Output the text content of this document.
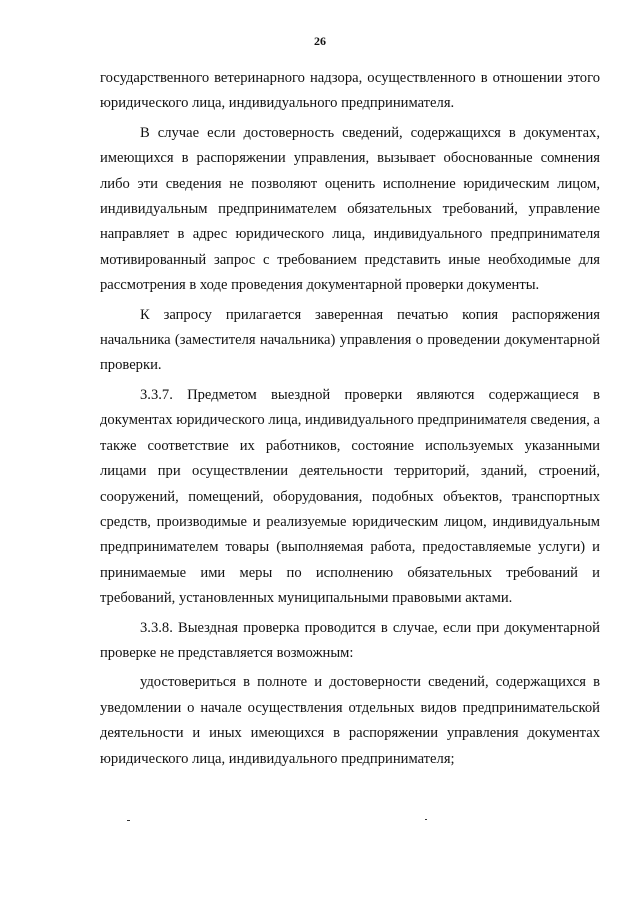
26

государственного ветеринарного надзора, осуществленного в отношении этого юридического лица, индивидуального предпринимателя.

В случае если достоверность сведений, содержащихся в документах, имеющихся в распоряжении управления, вызывает обоснованные сомнения либо эти сведения не позволяют оценить исполнение юридическим лицом, индивидуальным предпринимателем обязательных требований, управление направляет в адрес юридического лица, индивидуального предпринимателя мотивированный запрос с требованием представить иные необходимые для рассмотрения в ходе проведения документарной проверки документы.

К запросу прилагается заверенная печатью копия распоряжения начальника (заместителя начальника) управления о проведении документарной проверки.

3.3.7. Предметом выездной проверки являются содержащиеся в документах юридического лица, индивидуального предпринимателя сведения, а также соответствие их работников, состояние используемых указанными лицами при осуществлении деятельности территорий, зданий, строений, сооружений, помещений, оборудования, подобных объектов, транспортных средств, производимые и реализуемые юридическим лицом, индивидуальным предпринимателем товары (выполняемая работа, предоставляемые услуги) и принимаемые ими меры по исполнению обязательных требований и требований, установленных муниципальными правовыми актами.

3.3.8. Выездная проверка проводится в случае, если при документарной проверке не представляется возможным:

удостовериться в полноте и достоверности сведений, содержащихся в уведомлении о начале осуществления отдельных видов предпринимательской деятельности и иных имеющихся в распоряжении управления документах юридического лица, индивидуального предпринимателя;
